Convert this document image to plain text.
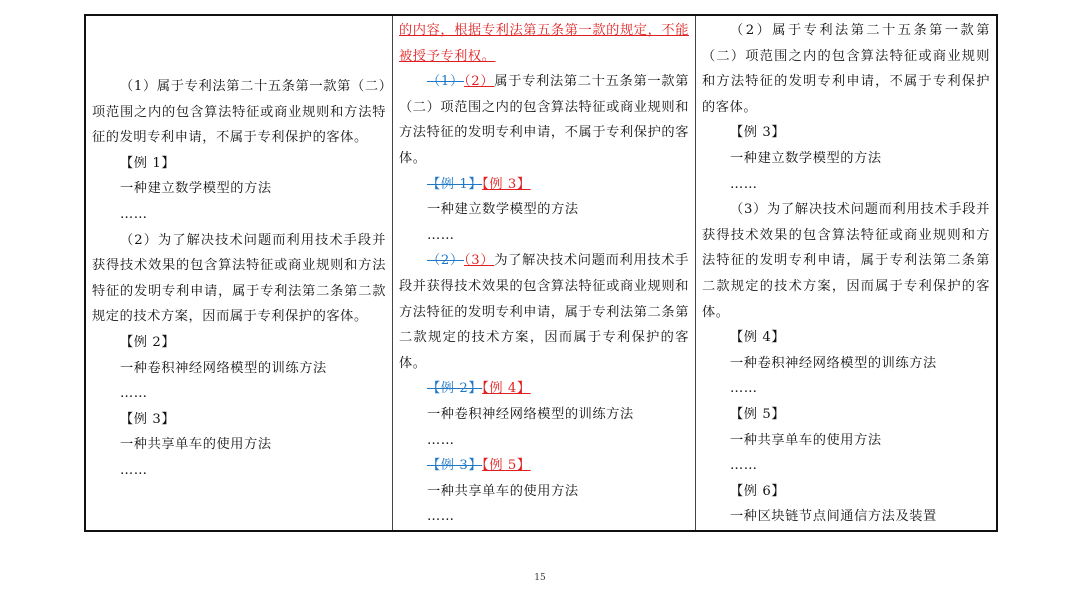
（1）属于专利法第二十五条第一款第（二）项范围之内的包含算法特征或商业规则和方法特征的发明专利申请，不属于专利保护的客体。

【例 1】

一种建立数学模型的方法

……

（2）为了解决技术问题而利用技术手段并获得技术效果的包含算法特征或商业规则和方法特征的发明专利申请，属于专利法第二条第二款规定的技术方案，因而属于专利保护的客体。

【例 2】

一种卷积神经网络模型的训练方法

……

【例 3】

一种共享单车的使用方法

……

的内容，根据专利法第五条第一款的规定，不能被授予专利权。

（1）（2）属于专利法第二十五条第一款第（二）项范围之内的包含算法特征或商业规则和方法特征的发明专利申请，不属于专利保护的客体。

【例 1】【例 3】

一种建立数学模型的方法

……

（2）（3）为了解决技术问题而利用技术手段并获得技术效果的包含算法特征或商业规则和方法特征的发明专利申请，属于专利法第二条第二款规定的技术方案，因而属于专利保护的客体。

【例 2】【例 4】

一种卷积神经网络模型的训练方法

……

【例 3】【例 5】

一种共享单车的使用方法

……

（2）属于专利法第二十五条第一款第（二）项范围之内的包含算法特征或商业规则和方法特征的发明专利申请，不属于专利保护的客体。

【例 3】

一种建立数学模型的方法

……

（3）为了解决技术问题而利用技术手段并获得技术效果的包含算法特征或商业规则和方法特征的发明专利申请，属于专利法第二条第二款规定的技术方案，因而属于专利保护的客体。

【例 4】

一种卷积神经网络模型的训练方法

……

【例 5】

一种共享单车的使用方法

……

【例 6】

一种区块链节点间通信方法及装置

15
